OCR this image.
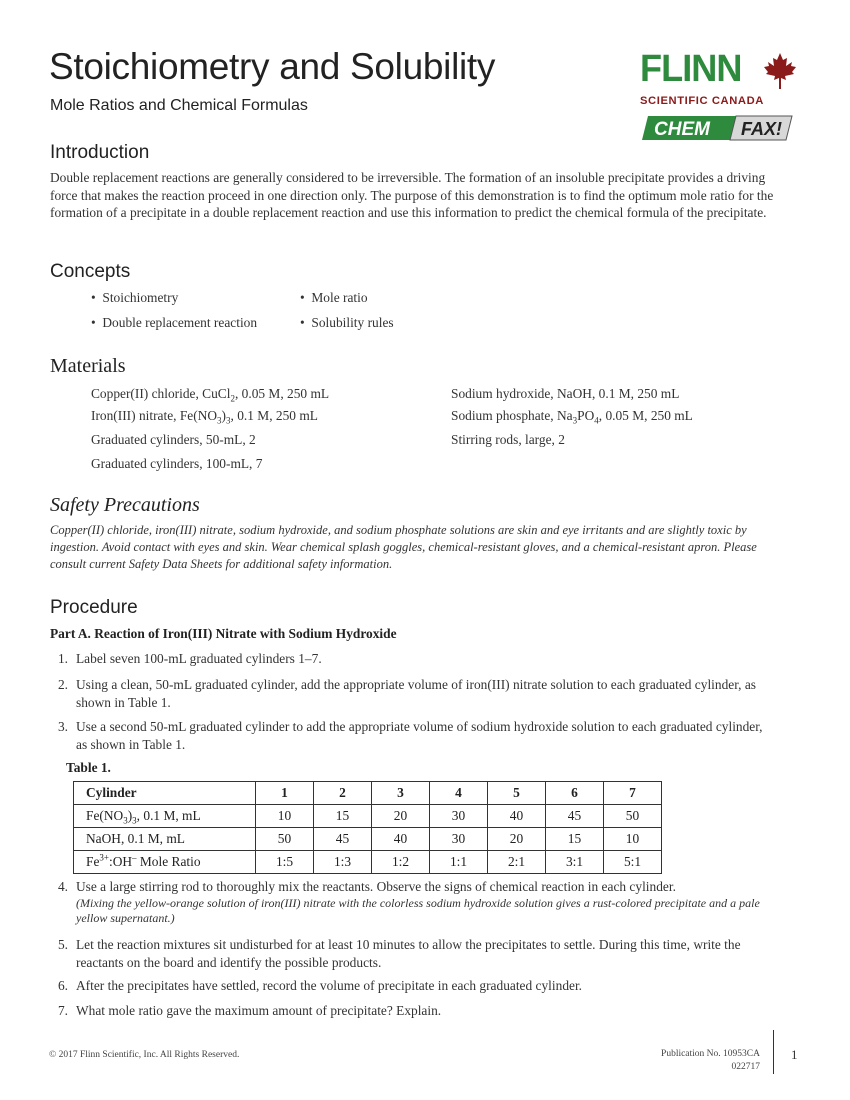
Stoichiometry and Solubility
Mole Ratios and Chemical Formulas
FLINN
SCIENTIFIC CANADA
CHEM FAX!
Introduction
Double replacement reactions are generally considered to be irreversible. The formation of an insoluble precipitate provides a driving force that makes the reaction proceed in one direction only. The purpose of this demonstration is to find the optimum mole ratio for the formation of a precipitate in a double replacement reaction and use this information to predict the chemical formula of the precipitate.
Concepts
•  Stoichiometry	•  Mole ratio
•  Double replacement reaction	•  Solubility rules
Materials
Copper(II) chloride, CuCl$_2$, 0.05 M, 250 mL
Iron(III) nitrate, $Fe(NO_3)_3$, 0.1 M, 250 mL
Graduated cylinders, 50-mL, 2
Graduated cylinders, 100-mL, 7
Sodium hydroxide, NaOH, 0.1 M, 250 mL
Sodium phosphate, $Na_3PO_4$, 0.05 M, 250 mL
Stirring rods, large, 2
Safety Precautions
Copper(II) chloride, iron(III) nitrate, sodium hydroxide, and sodium phosphate solutions are skin and eye irritants and are slightly toxic by ingestion. Avoid contact with eyes and skin. Wear chemical splash goggles, chemical-resistant gloves, and a chemical-resistant apron. Please consult current Safety Data Sheets for additional safety information.
Procedure
Part A. Reaction of Iron(III) Nitrate with Sodium Hydroxide
1. Label seven 100-mL graduated cylinders 1–7.
2. Using a clean, 50-mL graduated cylinder, add the appropriate volume of iron(III) nitrate solution to each graduated cylinder, as shown in Table 1.
3. Use a second 50-mL graduated cylinder to add the appropriate volume of sodium hydroxide solution to each graduated cylinder, as shown in Table 1.
Table 1.
Cylinder	1	2	3	4	5	6	7
$Fe(NO_3)_3$, 0.1 M, mL	10	15	20	30	40	45	50
NaOH, 0.1 M, mL	50	45	40	30	20	15	10
$Fe^{3+}:OH^-$ Mole Ratio	1:5	1:3	1:2	1:1	2:1	3:1	5:1
4. Use a large stirring rod to thoroughly mix the reactants. Observe the signs of chemical reaction in each cylinder.
(Mixing the yellow-orange solution of iron(III) nitrate with the colorless sodium hydroxide solution gives a rust-colored precipitate and a pale yellow supernatant.)
5. Let the reaction mixtures sit undisturbed for at least 10 minutes to allow the precipitates to settle. During this time, write the reactants on the board and identify the possible products.
6. After the precipitates have settled, record the volume of precipitate in each graduated cylinder.
7. What mole ratio gave the maximum amount of precipitate? Explain.
© 2017 Flinn Scientific, Inc. All Rights Reserved.	Publication No. 10953CA
022717
1
